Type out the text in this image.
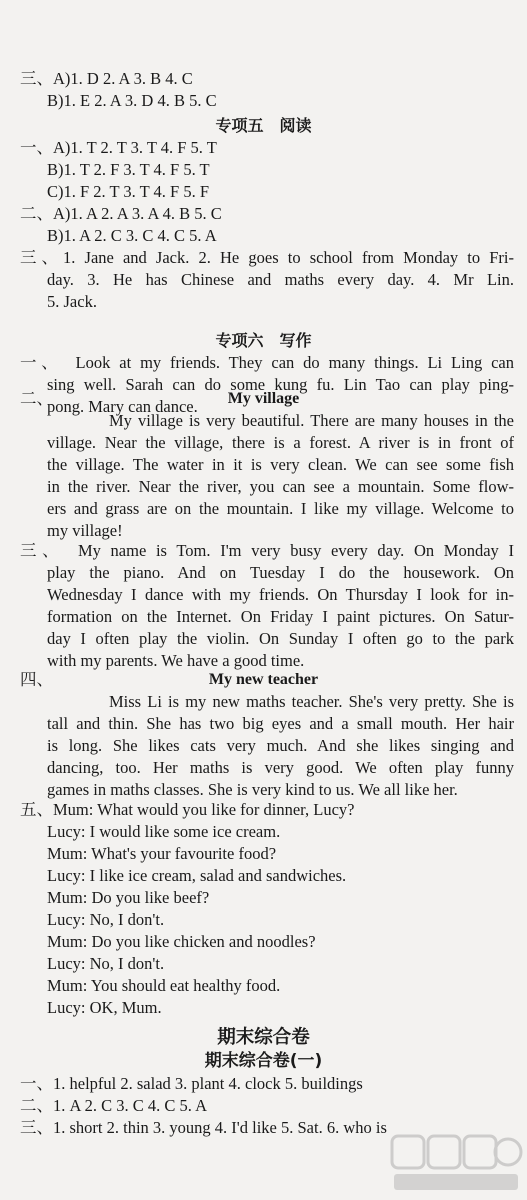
三、A)1. D 2. A 3. B 4. C
B)1. E 2. A 3. D 4. B 5. C
专项五　阅读
一、A)1. T 2. T 3. T 4. F 5. T
B)1. T 2. F 3. T 4. F 5. T
C)1. F 2. T 3. T 4. F 5. F
二、A)1. A 2. A 3. A 4. B 5. C
B)1. A 2. C 3. C 4. C 5. A

三、1. Jane and Jack. 2. He goes to school from Monday to Fri-

day. 3. He has Chinese and maths every day. 4. Mr Lin.

5. Jack.

专项六　写作

一、　Look at my friends. They can do many things. Li Ling can

sing well. Sarah can do some kung fu. Lin Tao can play ping-

pong. Mary can dance.

二、	My village

My village is very beautiful. There are many houses in the

village. Near the village, there is a forest. A river is in front of

the village. The water in it is very clean. We can see some fish

in the river. Near the river, you can see a mountain. Some flow-

ers and grass are on the mountain. I like my village. Welcome to

my village!

三、　My name is Tom. I'm very busy every day. On Monday I

play the piano. And on Tuesday I do the housework. On

Wednesday I dance with my friends. On Thursday I look for in-

formation on the Internet. On Friday I paint pictures. On Satur-

day I often play the violin. On Sunday I often go to the park

with my parents. We have a good time.

四、	My new teacher

Miss Li is my new maths teacher. She's very pretty. She is

tall and thin. She has two big eyes and a small mouth. Her hair

is long. She likes cats very much. And she likes singing and

dancing, too. Her maths is very good. We often play funny

games in maths classes. She is very kind to us. We all like her.

五、Mum: What would you like for dinner, Lucy?
Lucy: I would like some ice cream.
Mum: What's your favourite food?
Lucy: I like ice cream, salad and sandwiches.
Mum: Do you like beef?
Lucy: No, I don't.
Mum: Do you like chicken and noodles?
Lucy: No, I don't.
Mum: You should eat healthy food.
Lucy: OK, Mum.
期末综合卷
期末综合卷(一)
一、1. helpful 2. salad 3. plant 4. clock 5. buildings
二、1. A 2. C 3. C 4. C 5. A
三、1. short 2. thin 3. young 4. I'd like 5. Sat. 6. who is
